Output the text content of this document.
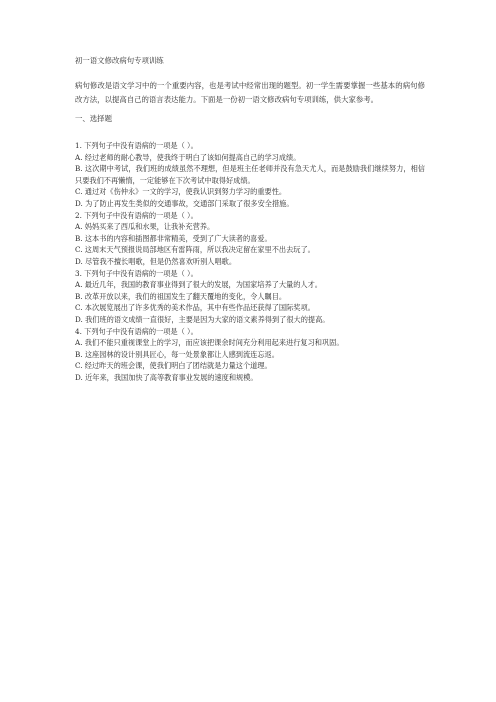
初一语文修改病句专项训练

病句修改是语文学习中的一个重要内容，也是考试中经常出现的题型。初一学生需要掌握一些基本的病句修改方法，以提高自己的语言表达能力。下面是一份初一语文修改病句专项训练，供大家参考。

一、选择题

1. 下列句子中没有语病的一项是（ ）。

A. 经过老师的耐心教导，使我终于明白了该如何提高自己的学习成绩。

B. 这次期中考试，我们班的成绩虽然不理想，但是班主任老师并没有急天尤人，而是鼓励我们继续努力，相信只要我们不再懒惰，一定能够在下次考试中取得好成绩。

C. 通过对《伤仲永》一文的学习，使我认识到努力学习的重要性。

D. 为了防止再发生类似的交通事故，交通部门采取了很多安全措施。

2. 下列句子中没有语病的一项是（ ）。

A. 妈妈买来了西瓜和水果，让我补充营养。

B. 这本书的内容和插图都非常精美，受到了广大读者的喜爱。

C. 这周末天气预报说局部地区有雷阵雨，所以我决定留在家里不出去玩了。

D. 尽管我不擅长唱歌，但是仍然喜欢听别人唱歌。

3. 下列句子中没有语病的一项是（ ）。

A. 最近几年，我国的教育事业得到了很大的发展，为国家培养了大量的人才。

B. 改革开放以来，我们的祖国发生了翻天覆地的变化，令人瞩目。

C. 本次展览展出了许多优秀的美术作品，其中有些作品还获得了国际奖项。

D. 我们班的语文成绩一直很好，主要是因为大家的语文素养得到了很大的提高。

4. 下列句子中没有语病的一项是（ ）。

A. 我们不能只重视课堂上的学习，而应该把课余时间充分利用起来进行复习和巩固。

B. 这座园林的设计别具匠心，每一处景象都让人感到流连忘返。

C. 经过昨天的班会课，使我们明白了团结就是力量这个道理。

D. 近年来，我国加快了高等教育事业发展的速度和规模。
